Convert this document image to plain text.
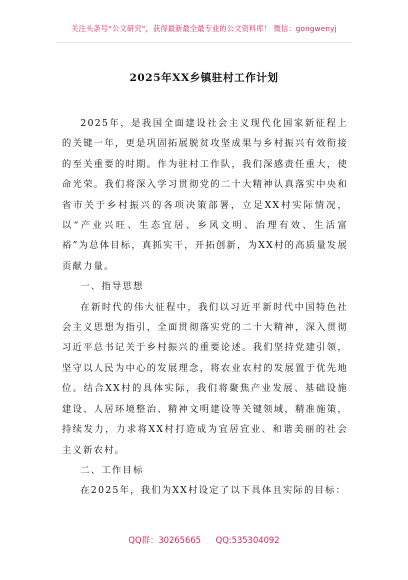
关注头条号“公文研究”，获得最新最全最专业的公文资料库！ 微信：gongwenyj
2025年XX乡镇驻村工作计划

2025年，是我国全面建设社会主义现代化国家新征程上的关键一年，更是巩固拓展脱贫攻坚成果与乡村振兴有效衔接的至关重要的时期。作为驻村工作队，我们深感责任重大，使命光荣。我们将深入学习贯彻党的二十大精神认真落实中央和省市关于乡村振兴的各项决策部署，立足XX村实际情况，以“产业兴旺、生态宜居、乡风文明、治理有效、生活富裕”为总体目标，真抓实干，开拓创新，为XX村的高质量发展贡献力量。

一、指导思想

在新时代的伟大征程中，我们以习近平新时代中国特色社会主义思想为指引，全面贯彻落实党的二十大精神，深入贯彻习近平总书记关于乡村振兴的重要论述。我们坚持党建引领，坚守以人民为中心的发展理念，将农业农村的发展置于优先地位。结合XX村的具体实际，我们将聚焦产业发展、基础设施建设、人居环境整治、精神文明建设等关键领域，精准施策，持续发力，力求将XX村打造成为宜居宜业、和谐美丽的社会主义新农村。

二、工作目标

在2025年，我们为XX村设定了以下具体且实际的目标：

QQ群：30265665 QQ:535304092
